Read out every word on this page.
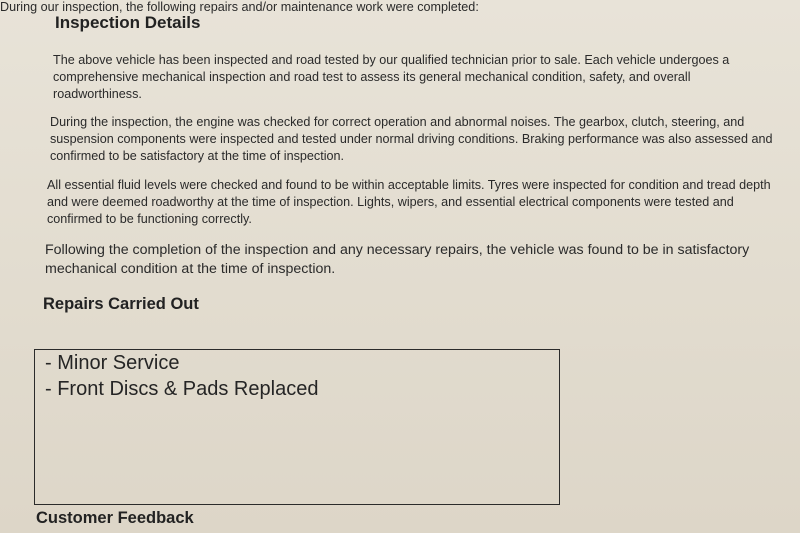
Inspection Details
The above vehicle has been inspected and road tested by our qualified technician prior to sale. Each vehicle undergoes a comprehensive mechanical inspection and road test to assess its general mechanical condition, safety, and overall roadworthiness.
During the inspection, the engine was checked for correct operation and abnormal noises. The gearbox, clutch, steering, and suspension components were inspected and tested under normal driving conditions. Braking performance was also assessed and confirmed to be satisfactory at the time of inspection.
All essential fluid levels were checked and found to be within acceptable limits. Tyres were inspected for condition and tread depth and were deemed roadworthy at the time of inspection. Lights, wipers, and essential electrical components were tested and confirmed to be functioning correctly.
Following the completion of the inspection and any necessary repairs, the vehicle was found to be in satisfactory mechanical condition at the time of inspection.
Repairs Carried Out
During our inspection, the following repairs and/or maintenance work were completed:
- Minor Service
- Front Discs & Pads Replaced
Customer Feedback
